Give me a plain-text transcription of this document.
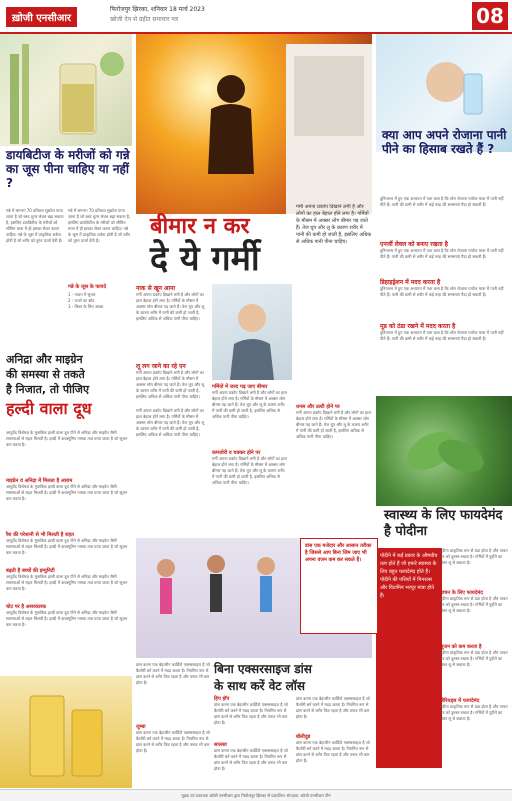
ख़ोजी एनसीआर
फिरोजपुर झिरका, शनिवार 18 मार्च 2023
खोजी ऐप से ग्रहीत समाचार पत्र	08
डायबिटीज के मरीजों को गन्ने का जूस पीना चाहिए या नहीं ?
गन्ने में लगभग 70 प्रतिशत सुक्रोज पाया जाता है जो ब्लड शुगर लेवल बढ़ा सकता है, इसलिए डायबिटीज के मरीजों को सीमित मात्रा में ही इसका सेवन करना चाहिए। गन्ने के जूस में प्राकृतिक शर्करा होती है जो शरीर को तुरंत ऊर्जा देती है।
गन्ने में लगभग 70 प्रतिशत सुक्रोज पाया जाता है जो ब्लड शुगर लेवल बढ़ा सकता है, इसलिए डायबिटीज के मरीजों को सीमित मात्रा में ही इसका सेवन करना चाहिए। गन्ने के जूस में प्राकृतिक शर्करा होती है जो शरीर को तुरंत ऊर्जा देती है।
गन्ने के जूस के फायदे
1 - पाचन में सुधार
2 - ऊर्जा का स्रोत
3 - लिवर के लिए अच्छा
बीमार न कर
दे ये गर्मी
नाक से खून आना
गर्मी अपना प्रकोप दिखाने लगी है और लोगों का हाल बेहाल होने लगा है। गर्मियों के मौसम में अक्सर लोग बीमार पड़ जाते हैं। तेज धूप और लू के कारण शरीर में पानी की कमी हो जाती है, इसलिए अधिक से अधिक पानी पीना चाहिए।
लू लग जाने का रहे एन
गर्मी अपना प्रकोप दिखाने लगी है और लोगों का हाल बेहाल होने लगा है। गर्मियों के मौसम में अक्सर लोग बीमार पड़ जाते हैं। तेज धूप और लू के कारण शरीर में पानी की कमी हो जाती है, इसलिए अधिक से अधिक पानी पीना चाहिए।
गर्मी अपना प्रकोप दिखाने लगी है और लोगों का हाल बेहाल होने लगा है। गर्मियों के मौसम में अक्सर लोग बीमार पड़ जाते हैं। तेज धूप और लू के कारण शरीर में पानी की कमी हो जाती है, इसलिए अधिक से अधिक पानी पीना चाहिए।
गर्मियों में जल्द पढ़ जाए बीमार
गर्मी अपना प्रकोप दिखाने लगी है और लोगों का हाल बेहाल होने लगा है। गर्मियों के मौसम में अक्सर लोग बीमार पड़ जाते हैं। तेज धूप और लू के कारण शरीर में पानी की कमी हो जाती है, इसलिए अधिक से अधिक पानी पीना चाहिए।
कमजोरी व चक्कर होने पर
गर्मी अपना प्रकोप दिखाने लगी है और लोगों का हाल बेहाल होने लगा है। गर्मियों के मौसम में अक्सर लोग बीमार पड़ जाते हैं। तेज धूप और लू के कारण शरीर में पानी की कमी हो जाती है, इसलिए अधिक से अधिक पानी पीना चाहिए।
धनस और उल्टी होने पर
गर्मी अपना प्रकोप दिखाने लगी है और लोगों का हाल बेहाल होने लगा है। गर्मियों के मौसम में अक्सर लोग बीमार पड़ जाते हैं। तेज धूप और लू के कारण शरीर में पानी की कमी हो जाती है, इसलिए अधिक से अधिक पानी पीना चाहिए।
गर्मी अपना प्रकोप दिखाने लगी है और लोगों का हाल बेहाल होने लगा है। गर्मियों के मौसम में अक्सर लोग बीमार पड़ जाते हैं। तेज धूप और लू के कारण शरीर में पानी की कमी हो जाती है, इसलिए अधिक से अधिक पानी पीना चाहिए।
क्या आप अपने रोजाना पानी पीने का हिसाब रखते हैं ?
दुनियाभर में हुए एक अध्ययन में पता चला है कि लोग रोजाना पर्याप्त मात्रा में पानी नहीं पीते हैं। पानी की कमी से शरीर में कई तरह की समस्याएं पैदा हो सकती हैं।
एनर्जी लेवल को बनाए रखता है
दुनियाभर में हुए एक अध्ययन में पता चला है कि लोग रोजाना पर्याप्त मात्रा में पानी नहीं पीते हैं। पानी की कमी से शरीर में कई तरह की समस्याएं पैदा हो सकती हैं।
डिहाइड्रेशन में मदद करता है
दुनियाभर में हुए एक अध्ययन में पता चला है कि लोग रोजाना पर्याप्त मात्रा में पानी नहीं पीते हैं। पानी की कमी से शरीर में कई तरह की समस्याएं पैदा हो सकती हैं।
मूड को ठंडा रखने में मदद करता है
दुनियाभर में हुए एक अध्ययन में पता चला है कि लोग रोजाना पर्याप्त मात्रा में पानी नहीं पीते हैं। पानी की कमी से शरीर में कई तरह की समस्याएं पैदा हो सकती हैं।
स्वास्थ्य के लिए फायदेमंद है पोदीना
पोदीने में कई प्रकार के औषधीय तत्व होते हैं जो हमारे स्वास्थ्य के लिए बहुत फायदेमंद होते हैं। पोदीने की पत्तियों में मिनरल्स और विटामिन भरपूर मात्रा होते हैं।
पुदीना प्राकृतिक रूप से ठंडा होता है और पाचन तंत्र को दुरुस्त रखता है। गर्मियों में पुदीने का सेवन लू से बचाता है।
पाचन के लिए फायदेमंद
पुदीना प्राकृतिक रूप से ठंडा होता है और पाचन तंत्र को दुरुस्त रखता है। गर्मियों में पुदीने का सेवन लू से बचाता है।
सूजन को कम करता है
पुदीना प्राकृतिक रूप से ठंडा होता है और पाचन तंत्र को दुरुस्त रखता है। गर्मियों में पुदीने का सेवन लू से बचाता है।
पीरियड्स में फायदेमंद
पुदीना प्राकृतिक रूप से ठंडा होता है और पाचन तंत्र को दुरुस्त रखता है। गर्मियों में पुदीने का सेवन लू से बचाता है।
अनिद्रा और माइग्रेन
की समस्या से तकते
है निजात, तो पीजिए
हल्दी वाला दूध
आयुर्वेद विशेषज्ञ के मुताबिक हल्दी वाला दूध पीने से अनिद्रा और माइग्रेन जैसी समस्याओं से राहत मिलती है। हल्दी में करक्यूमिन नामक तत्व पाया जाता है जो सूजन कम करता है।
माइग्रेन व अनिद्रा में मिलता है आराम
आयुर्वेद विशेषज्ञ के मुताबिक हल्दी वाला दूध पीने से अनिद्रा और माइग्रेन जैसी समस्याओं से राहत मिलती है। हल्दी में करक्यूमिन नामक तत्व पाया जाता है जो सूजन कम करता है।
रैश की परेशानी से भी मिलती है राहत
आयुर्वेद विशेषज्ञ के मुताबिक हल्दी वाला दूध पीने से अनिद्रा और माइग्रेन जैसी समस्याओं से राहत मिलती है। हल्दी में करक्यूमिन नामक तत्व पाया जाता है जो सूजन कम करता है।
बढ़ती है बच्चों की इम्युनिटी
आयुर्वेद विशेषज्ञ के मुताबिक हल्दी वाला दूध पीने से अनिद्रा और माइग्रेन जैसी समस्याओं से राहत मिलती है। हल्दी में करक्यूमिन नामक तत्व पाया जाता है जो सूजन कम करता है।
चोट पर है असरकारक
आयुर्वेद विशेषज्ञ के मुताबिक हल्दी वाला दूध पीने से अनिद्रा और माइग्रेन जैसी समस्याओं से राहत मिलती है। हल्दी में करक्यूमिन नामक तत्व पाया जाता है जो सूजन कम करता है।
बिना एक्सरसाइज डांस
के साथ करें वेट लॉस
डांस करना एक बेहतरीन कार्डियो एक्सरसाइज है जो कैलोरी बर्न करने में मदद करता है। नियमित रूप से डांस करने से शरीर फिट रहता है और तनाव भी कम होता है।
जुम्बा
डांस करना एक बेहतरीन कार्डियो एक्सरसाइज है जो कैलोरी बर्न करने में मदद करता है। नियमित रूप से डांस करने से शरीर फिट रहता है और तनाव भी कम होता है।
हिप हॉप
डांस करना एक बेहतरीन कार्डियो एक्सरसाइज है जो कैलोरी बर्न करने में मदद करता है। नियमित रूप से डांस करने से शरीर फिट रहता है और तनाव भी कम होता है।
सालसा
डांस करना एक बेहतरीन कार्डियो एक्सरसाइज है जो कैलोरी बर्न करने में मदद करता है। नियमित रूप से डांस करने से शरीर फिट रहता है और तनाव भी कम होता है।
डांस करना एक बेहतरीन कार्डियो एक्सरसाइज है जो कैलोरी बर्न करने में मदद करता है। नियमित रूप से डांस करने से शरीर फिट रहता है और तनाव भी कम होता है।
बॉलीवुड
डांस करना एक बेहतरीन कार्डियो एक्सरसाइज है जो कैलोरी बर्न करने में मदद करता है। नियमित रूप से डांस करने से शरीर फिट रहता है और तनाव भी कम होता है।
डांस एक मजेदार और आसान तरीका है जिससे आप बिना जिम जाए भी अपना वजन कम कर सकते हैं।
यह भी जाने
मुद्रक एवं प्रकाशक खोजी एनसीआर द्वारा फिरोजपुर झिरका से प्रकाशित। संपादक: खोजी एनसीआर टीम
